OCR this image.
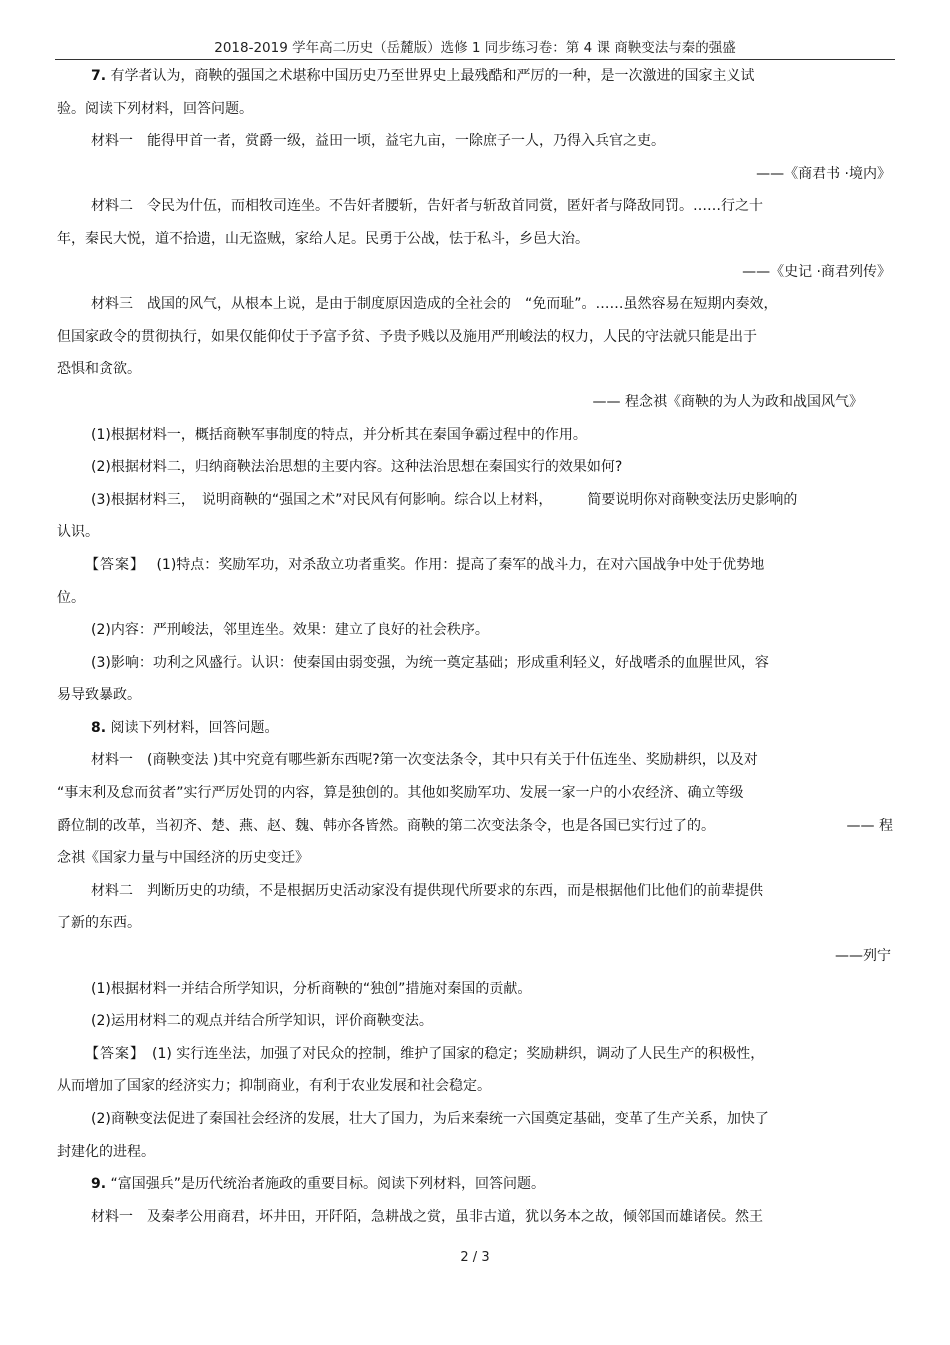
2018-2019 学年高二历史（岳麓版）选修 1 同步练习卷：第 4 课 商鞅变法与秦的强盛
7. 有学者认为，商鞅的强国之术堪称中国历史乃至世界史上最残酷和严厉的一种，是一次激进的国家主义试
验。阅读下列材料，回答问题。
材料一　能得甲首一者，赏爵一级，益田一顷，益宅九亩，一除庶子一人，乃得入兵官之吏。
——《商君书 ·境内》
材料二　令民为什伍，而相牧司连坐。不告奸者腰斩，告奸者与斩敌首同赏，匿奸者与降敌同罚。……行之十
年，秦民大悦，道不拾遗，山无盗贼，家给人足。民勇于公战，怯于私斗，乡邑大治。
——《史记 ·商君列传》
材料三　战国的风气，从根本上说，是由于制度原因造成的全社会的　“免而耻”。……虽然容易在短期内奏效，
但国家政令的贯彻执行，如果仅能仰仗于予富予贫、予贵予贱以及施用严刑峻法的权力，人民的守法就只能是出于
恐惧和贪欲。
—— 程念祺《商鞅的为人为政和战国风气》
(1)根据材料一，概括商鞅军事制度的特点，并分析其在秦国争霸过程中的作用。
(2)根据材料二，归纳商鞅法治思想的主要内容。这种法治思想在秦国实行的效果如何?
(3)根据材料三，　说明商鞅的“强国之术”对民风有何影响。综合以上材料，　　　简要说明你对商鞅变法历史影响的
认识。
【答案】　 (1)特点：奖励军功，对杀敌立功者重奖。作用：提高了秦军的战斗力，在对六国战争中处于优势地
位。
(2)内容：严刑峻法，邻里连坐。效果：建立了良好的社会秩序。
(3)影响：功利之风盛行。认识：使秦国由弱变强，为统一奠定基础；形成重利轻义，好战嗜杀的血腥世风，容
易导致暴政。
8. 阅读下列材料，回答问题。
材料一　(商鞅变法 )其中究竟有哪些新东西呢?第一次变法条令，其中只有关于什伍连坐、奖励耕织，以及对
“事末利及怠而贫者”实行严厉处罚的内容，算是独创的。其他如奖励军功、发展一家一户的小农经济、确立等级
爵位制的改革，当初齐、楚、燕、赵、魏、韩亦各皆然。商鞅的第二次变法条令，也是各国已实行过了的。	—— 程
念祺《国家力量与中国经济的历史变迁》
材料二　判断历史的功绩，不是根据历史活动家没有提供现代所要求的东西，而是根据他们比他们的前辈提供
了新的东西。
——列宁
(1)根据材料一并结合所学知识，分析商鞅的“独创”措施对秦国的贡献。
(2)运用材料二的观点并结合所学知识，评价商鞅变法。
【答案】　 (1) 实行连坐法，加强了对民众的控制，维护了国家的稳定；奖励耕织，调动了人民生产的积极性，
从而增加了国家的经济实力；抑制商业，有利于农业发展和社会稳定。
(2)商鞅变法促进了秦国社会经济的发展，壮大了国力，为后来秦统一六国奠定基础，变革了生产关系，加快了
封建化的进程。
9. “富国强兵”是历代统治者施政的重要目标。阅读下列材料，回答问题。
材料一　及秦孝公用商君，坏井田，开阡陌，急耕战之赏，虽非古道，犹以务本之故，倾邻国而雄诸侯。然王
2 / 3
